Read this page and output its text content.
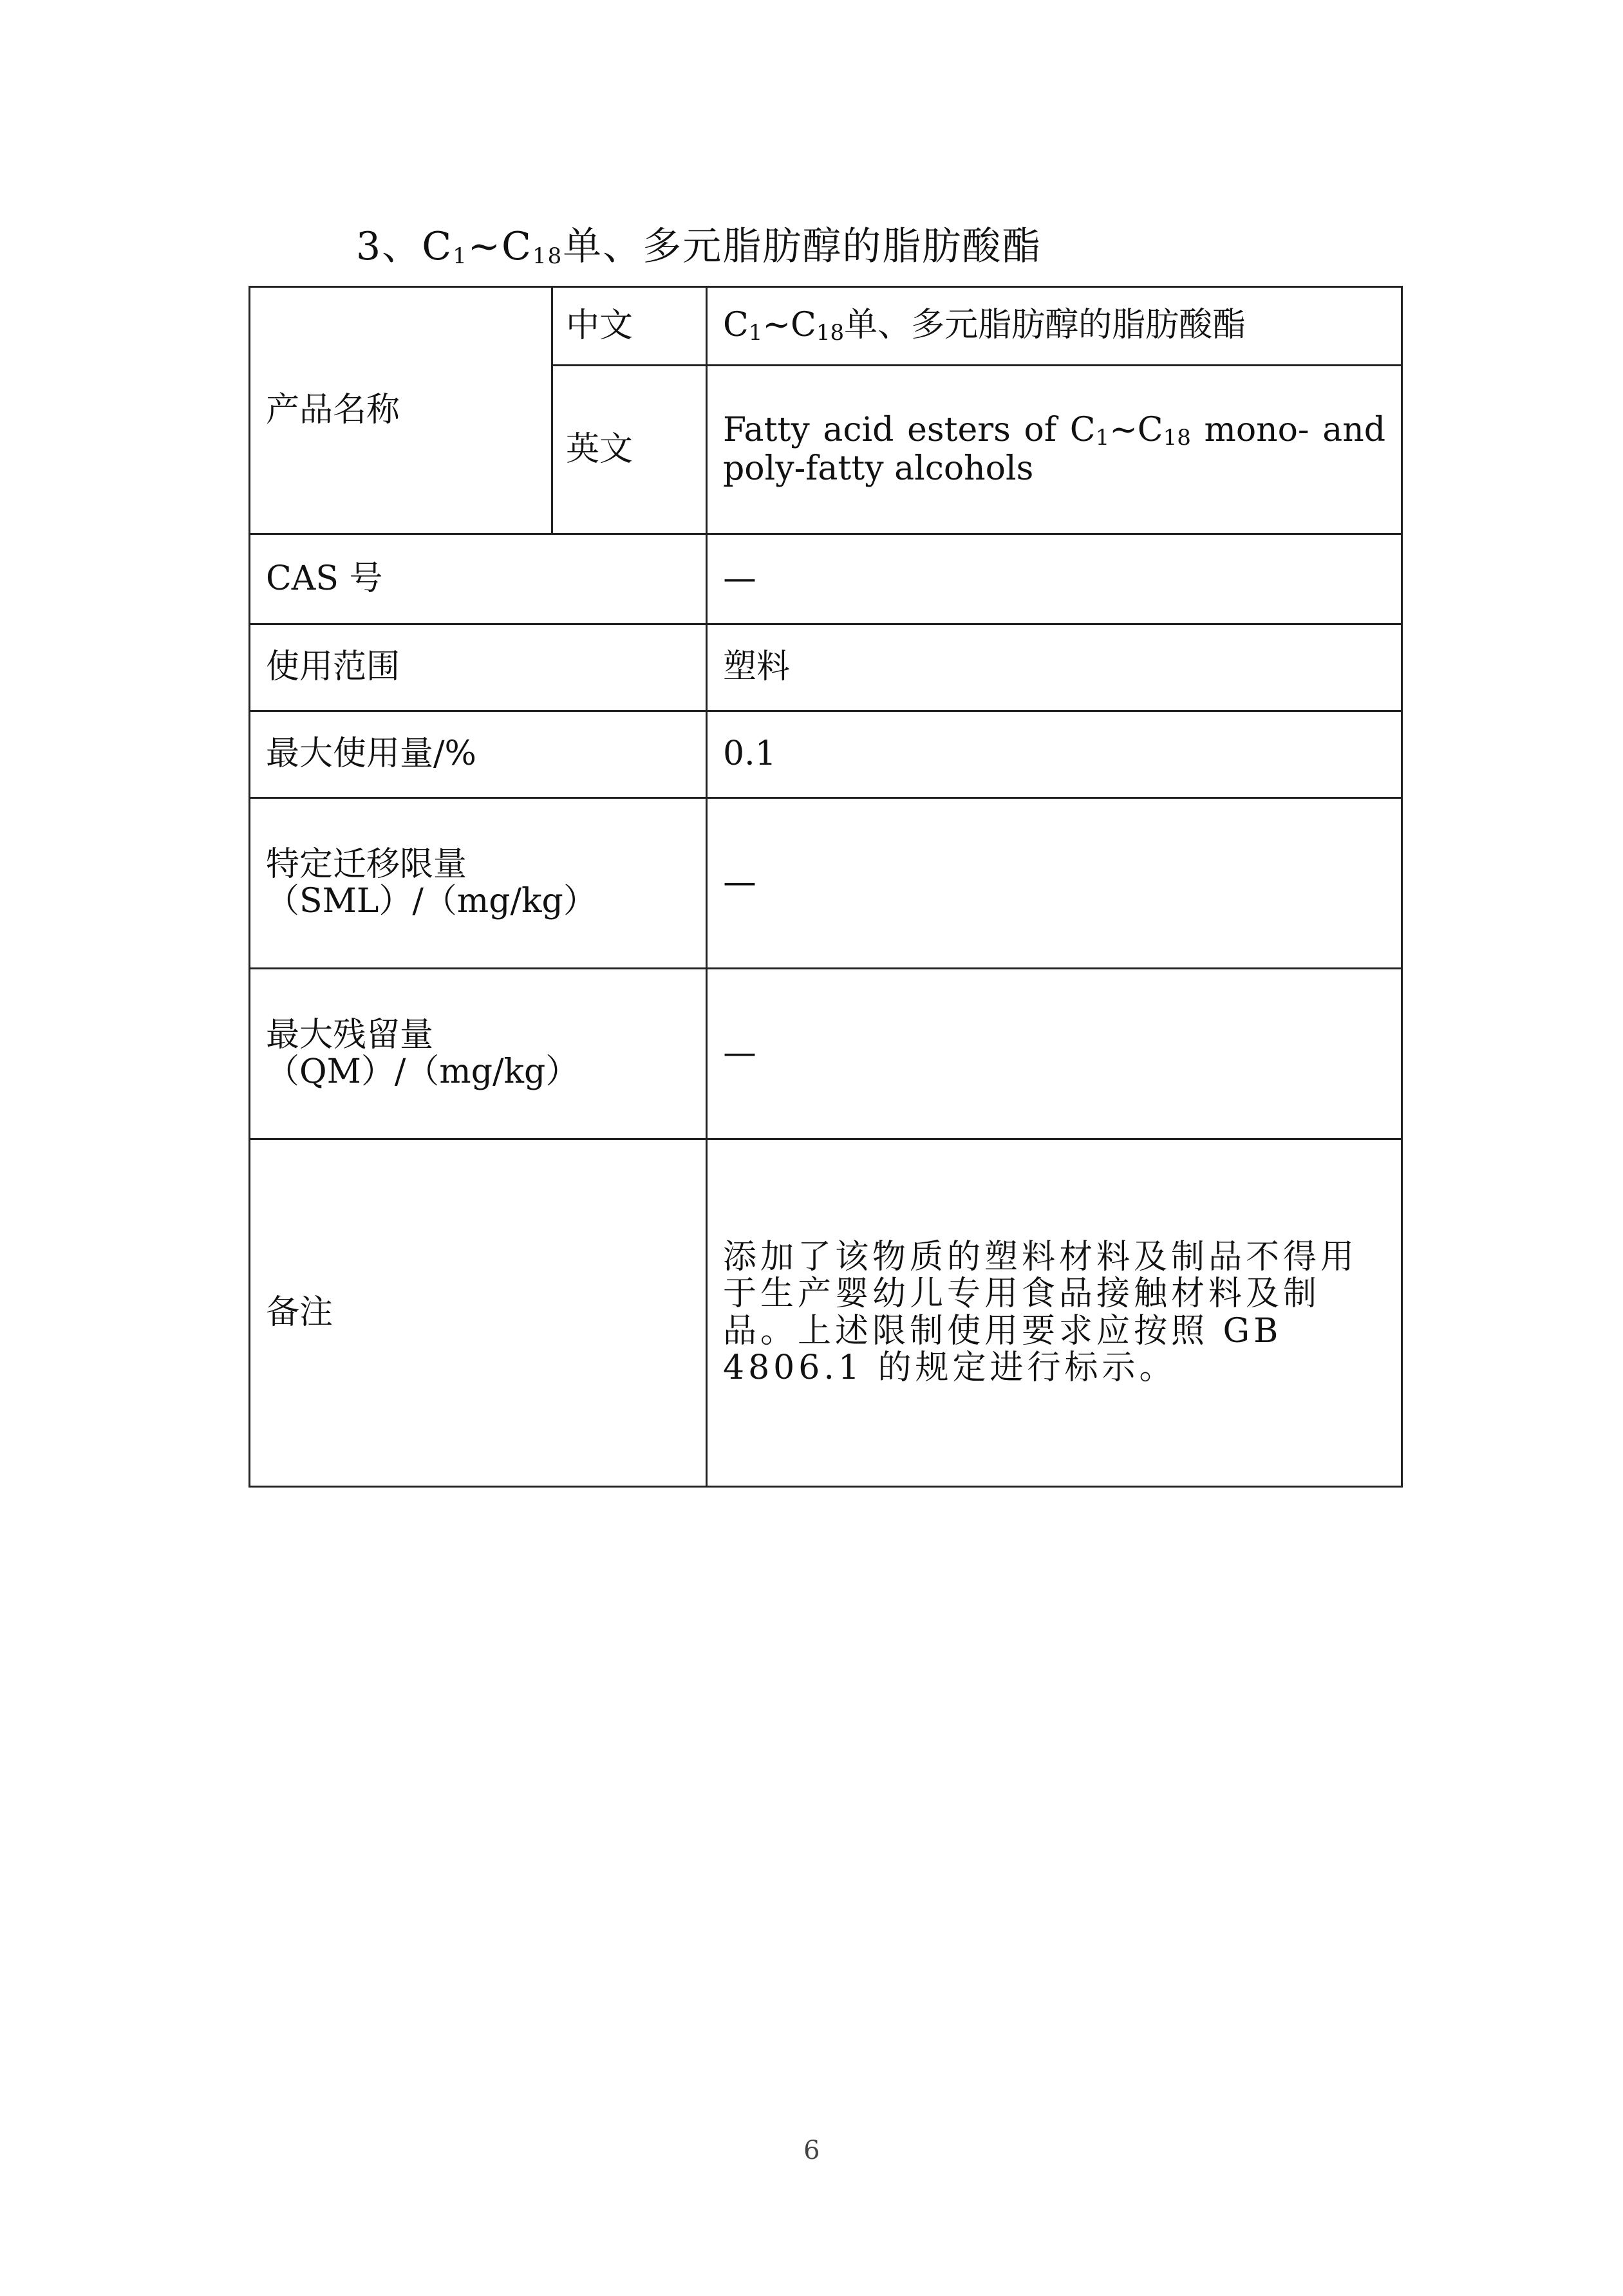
3、$C_1\sim C_{18}$单、多元脂肪醇的脂肪酸酯
产品名称	中文	$C_1\sim C_{18}$单、多元脂肪醇的脂肪酸酯
	英文	Fatty acid esters of $C_1\sim C_{18}$ mono- and
poly-fatty alcohols

CAS 号		—
使用范围		塑料
最大使用量/%		0.1
特定迁移限量
（SML）/（mg/kg）		—
最大残留量
（QM）/（mg/kg）		—
备注		添加了该物质的塑料材料及制品不得用于生产婴幼儿专用食品接触材料及制品。上述限制使用要求应按照 GB 4806.1 的规定进行标示。
6
